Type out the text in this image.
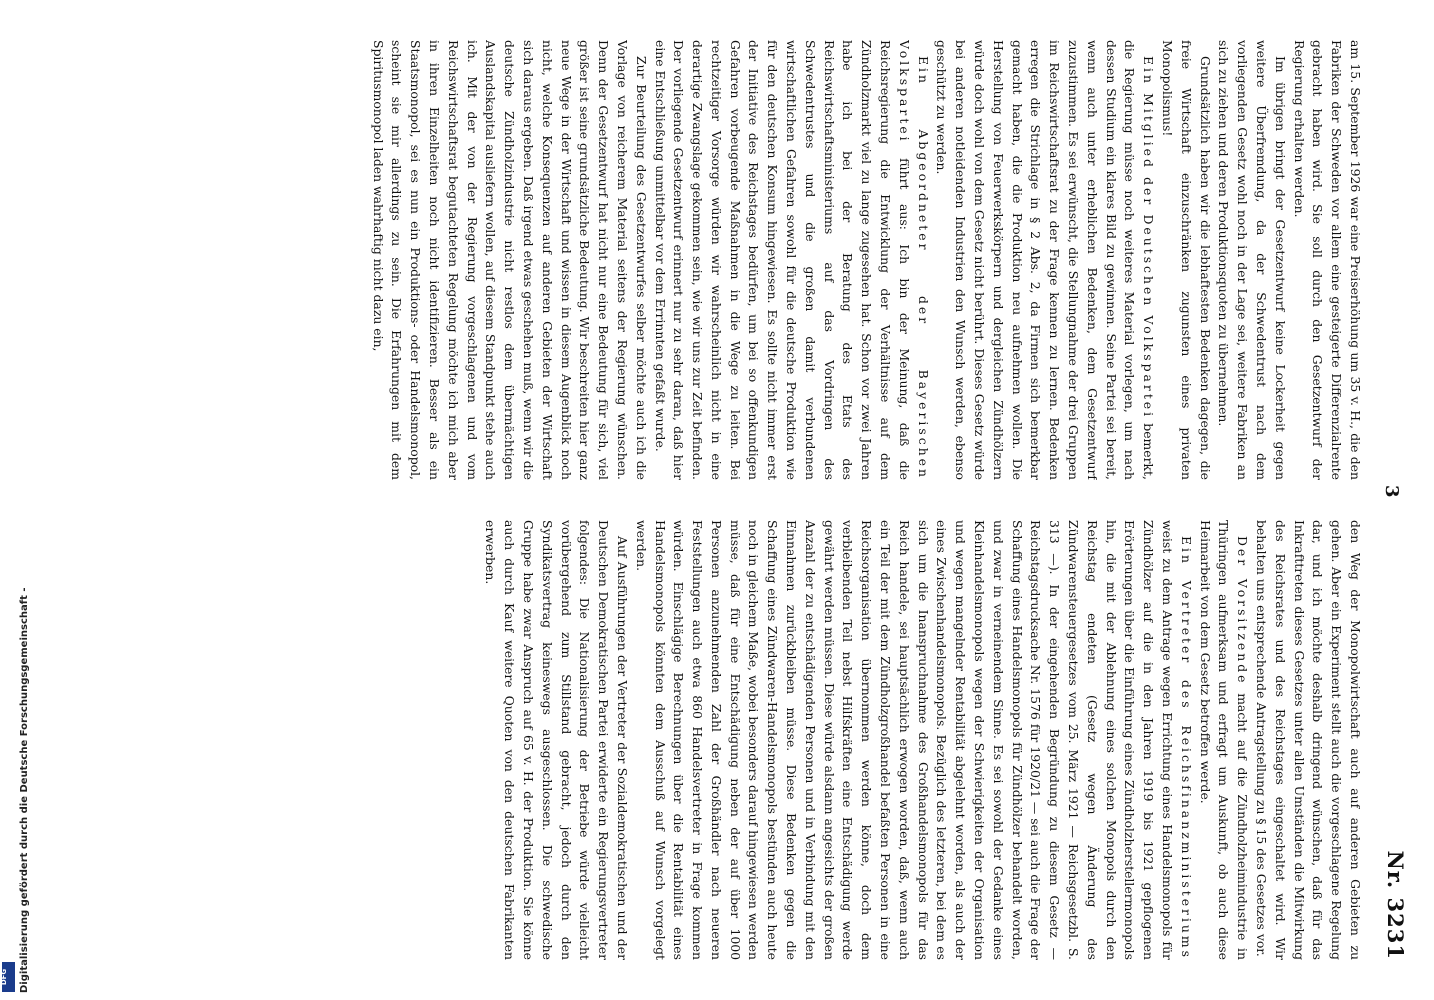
3
Nr. 3231

am 15. September 1926 war eine Preiserhöhung um 35 v. H., die den Fabriken der Schweden vor allem eine gesteigerte Differenzialrente gebracht haben wird. Sie soll durch den Gesetzentwurf der Regierung erhalten werden.

Im übrigen bringt der Gesetzentwurf keine Lockerheit gegen weitere Überfremdung, da der Schwedentrust nach dem vorliegenden Gesetz wohl noch in der Lage sei, weitere Fabriken an sich zu ziehen und deren Produktionsquoten zu übernehmen.

Grundsätzlich haben wir die lebhaftesten Bedenken dagegen, die freie Wirtschaft einzuschränken zugunsten eines privaten Monopolismus!

Ein Mitglied der Deutschen Volkspartei bemerkt, die Regierung müsse noch weiteres Material vorlegen, um nach dessen Studium ein klares Bild zu gewinnen. Seine Partei sei bereit, wenn auch unter erheblichen Bedenken, dem Gesetzentwurf zuzustimmen. Es sei erwünscht, die Stellungnahme der drei Gruppen im Reichswirtschaftsrat zu der Frage kennen zu lernen. Bedenken erregen die Strichlage in § 2 Abs. 2, da Firmen sich bemerkbar gemacht haben, die die Produktion neu aufnehmen wollen. Die Herstellung von Feuerwerkskörpern und dergleichen Zündhölzern würde doch wohl von dem Gesetz nicht berührt. Dieses Gesetz würde bei anderen notleidenden Industrien den Wunsch werden, ebenso geschützt zu werden.

Ein Abgeordneter der Bayerischen Volkspartei führt aus: Ich bin der Meinung, daß die Reichsregierung die Entwicklung der Verhältnisse auf dem Zündholzmarkt viel zu lange zugesehen hat. Schon vor zwei Jahren habe ich bei der Beratung des Etats des Reichswirtschaftsministeriums auf das Vordringen des Schwedentrustes und die großen damit verbundenen wirtschaftlichen Gefahren sowohl für die deutsche Produktion wie für den deutschen Konsum hingewiesen. Es sollte nicht immer erst der Initiative des Reichstages bedürfen, um bei so offenkundigen Gefahren vorbeugende Maßnahmen in die Wege zu leiten. Bei rechtzeitiger Vorsorge würden wir wahrscheinlich nicht in eine derartige Zwangslage gekommen sein, wie wir uns zur Zeit befinden. Der vorliegende Gesetzentwurf erinnert nur zu sehr daran, daß hier eine Entschließung unmittelbar vor dem Errinnten gefaßt wurde.

Zur Beurteilung des Gesetzentwurfes selber möchte auch ich die Vorlage von reicherem Material seitens der Regierung wünschen. Denn der Gesetzentwurf hat nicht nur eine Bedeutung für sich, viel größer ist seine grundsätzliche Bedeutung. Wir beschreiten hier ganz neue Wege in der Wirtschaft und wissen in diesem Augenblick noch nicht, welche Konsequenzen auf anderen Gebieten der Wirtschaft sich daraus ergeben. Daß irgend etwas geschehen muß, wenn wir die deutsche Zündholzindustrie nicht restlos dem übermächtigen Auslandskapital ausliefern wollen, auf diesem Standpunkt stehe auch ich. Mit der von der Regierung vorgeschlagenen und vom Reichswirtschaftsrat begutachteten Regelung möchte ich mich aber in ihren Einzelheiten noch nicht identifizieren. Besser als ein Staatsmonopol, sei es nun ein Produktions- oder Handelsmonopol, scheint sie mir allerdings zu sein. Die Erfahrungen mit dem Spiritusmonopol laden wahrhaftig nicht dazu ein,

den Weg der Monopolwirtschaft auch auf anderen Gebieten zu gehen. Aber ein Experiment stellt auch die vorgeschlagene Regelung dar, und ich möchte deshalb dringend wünschen, daß für das Inkrafttreten dieses Gesetzes unter allen Umständen die Mitwirkung des Reichsrates und des Reichstages eingeschaltet wird. Wir behalten uns entsprechende Antragstellung zu § 15 des Gesetzes vor.

Der Vorsitzende macht auf die Zündholzheimindustrie in Thüringen aufmerksam und erfragt um Auskunft, ob auch diese Heimarbeit von dem Gesetz betroffen werde.

Ein Vertreter des Reichsfinanzministeriums weist zu dem Antrage wegen Errichtung eines Handelsmonopols für Zündhölzer auf die in den Jahren 1919 bis 1921 gepflogenen Erörterungen über die Einführung eines Zündholzherstellermonopols hin, die mit der Ablehnung eines solchen Monopols durch den Reichstag endeten (Gesetz wegen Änderung des Zündwarensteuergesetzes vom 25. März 1921 — Reichsgesetzbl. S. 313 —). In der eingehenden Begründung zu diesem Gesetz — Reichstagsdrucksache Nr. 1576 für 1920/21 — sei auch die Frage der Schaffung eines Handelsmonopols für Zündhölzer behandelt worden, und zwar in verneinendem Sinne. Es sei sowohl der Gedanke eines Kleinhandelsmonopols wegen der Schwierigkeiten der Organisation und wegen mangelnder Rentabilität abgelehnt worden, als auch der eines Zwischenhandelsmonopols. Bezüglich des letzteren, bei dem es sich um die Inanspruchnahme des Großhandelsmonopols für das Reich handele, sei hauptsächlich erwogen worden, daß, wenn auch ein Teil der mit dem Zündholzgroßhandel befaßten Personen in eine Reichsorganisation übernommen werden könne, doch dem verbleibenden Teil nebst Hilfskräften eine Entschädigung werde gewährt werden müssen. Diese würde alsdann angesichts der großen Anzahl der zu entschädigenden Personen und in Verbindung mit den Einnahmen zurückbleiben müsse. Diese Bedenken gegen die Schaffung eines Zündwaren-Handelsmonopols bestünden auch heute noch in gleichem Maße, wobei besonders darauf hingewiesen werden müsse, daß für eine Entschädigung neben der auf über 1000 Personen anzunehmenden Zahl der Großhändler nach neueren Feststellungen auch etwa 860 Handelsvertreter in Frage kommen würden. Einschlägige Berechnungen über die Rentabilität eines Handelsmonopols könnten dem Ausschuß auf Wunsch vorgelegt werden.

Auf Ausführungen der Vertreter der Sozialdemokratischen und der Deutschen Demokratischen Partei erwiderte ein Regierungsvertreter folgendes: Die Nationalisierung der Betriebe würde vielleicht vorübergehend zum Stillstand gebracht, jedoch durch den Syndikatsvertrag keineswegs ausgeschlossen. Die schwedische Gruppe habe zwar Anspruch auf 65 v. H. der Produktion. Sie könne auch durch Kauf weitere Quoten von den deutschen Fabrikanten erwerben.

Digitalisierung gefördert durch die Deutsche Forschungsgemeinschaft -
DFG
